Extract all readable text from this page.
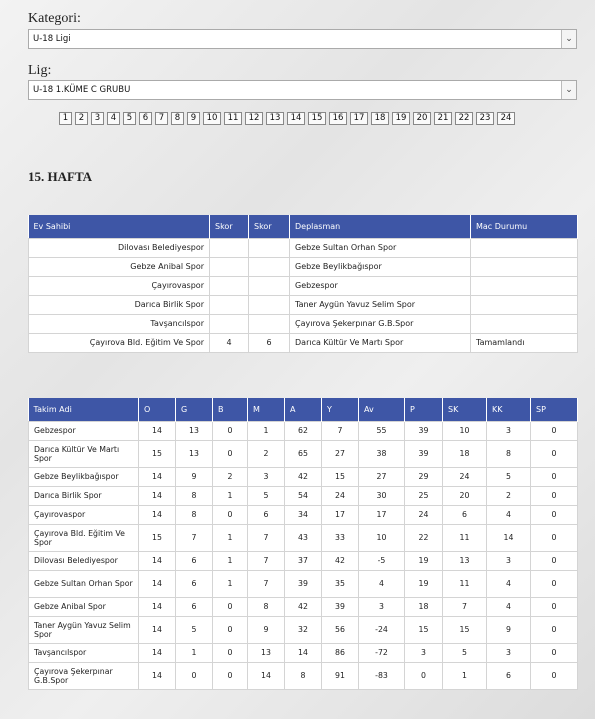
Kategori:
U-18 Ligi	⌄
Lig:
U-18 1.KÜME C GRUBU	⌄
1	2	3	4	5	6	7	8	9	10	11	12	13	14	15	16	17	18	19	20	21	22	23	24
15. HAFTA
Ev Sahibi	Skor	Skor	Deplasman	Mac Durumu
Dilovası Belediyespor			Gebze Sultan Orhan Spor	
Gebze Anibal Spor			Gebze Beylikbağıspor	
Çayırovaspor			Gebzespor	
Darıca Birlik Spor			Taner Aygün Yavuz Selim Spor	
Tavşancılspor			Çayırova Şekerpınar G.B.Spor	
Çayırova Bld. Eğitim Ve Spor	4	6	Darıca Kültür Ve Martı Spor	Tamamlandı
Takim Adi	O	G	B	M	A	Y	Av	P	SK	KK	SP
Gebzespor	14	13	0	1	62	7	55	39	10	3	0
Darıca Kültür Ve Martı Spor	15	13	0	2	65	27	38	39	18	8	0
Gebze Beylikbağıspor	14	9	2	3	42	15	27	29	24	5	0
Darıca Birlik Spor	14	8	1	5	54	24	30	25	20	2	0
Çayırovaspor	14	8	0	6	34	17	17	24	6	4	0
Çayırova Bld. Eğitim Ve Spor	15	7	1	7	43	33	10	22	11	14	0
Dilovası Belediyespor	14	6	1	7	37	42	-5	19	13	3	0
Gebze Sultan Orhan Spor	14	6	1	7	39	35	4	19	11	4	0
Gebze Anibal Spor	14	6	0	8	42	39	3	18	7	4	0
Taner Aygün Yavuz Selim Spor	14	5	0	9	32	56	-24	15	15	9	0
Tavşancılspor	14	1	0	13	14	86	-72	3	5	3	0
Çayırova Şekerpınar G.B.Spor	14	0	0	14	8	91	-83	0	1	6	0
